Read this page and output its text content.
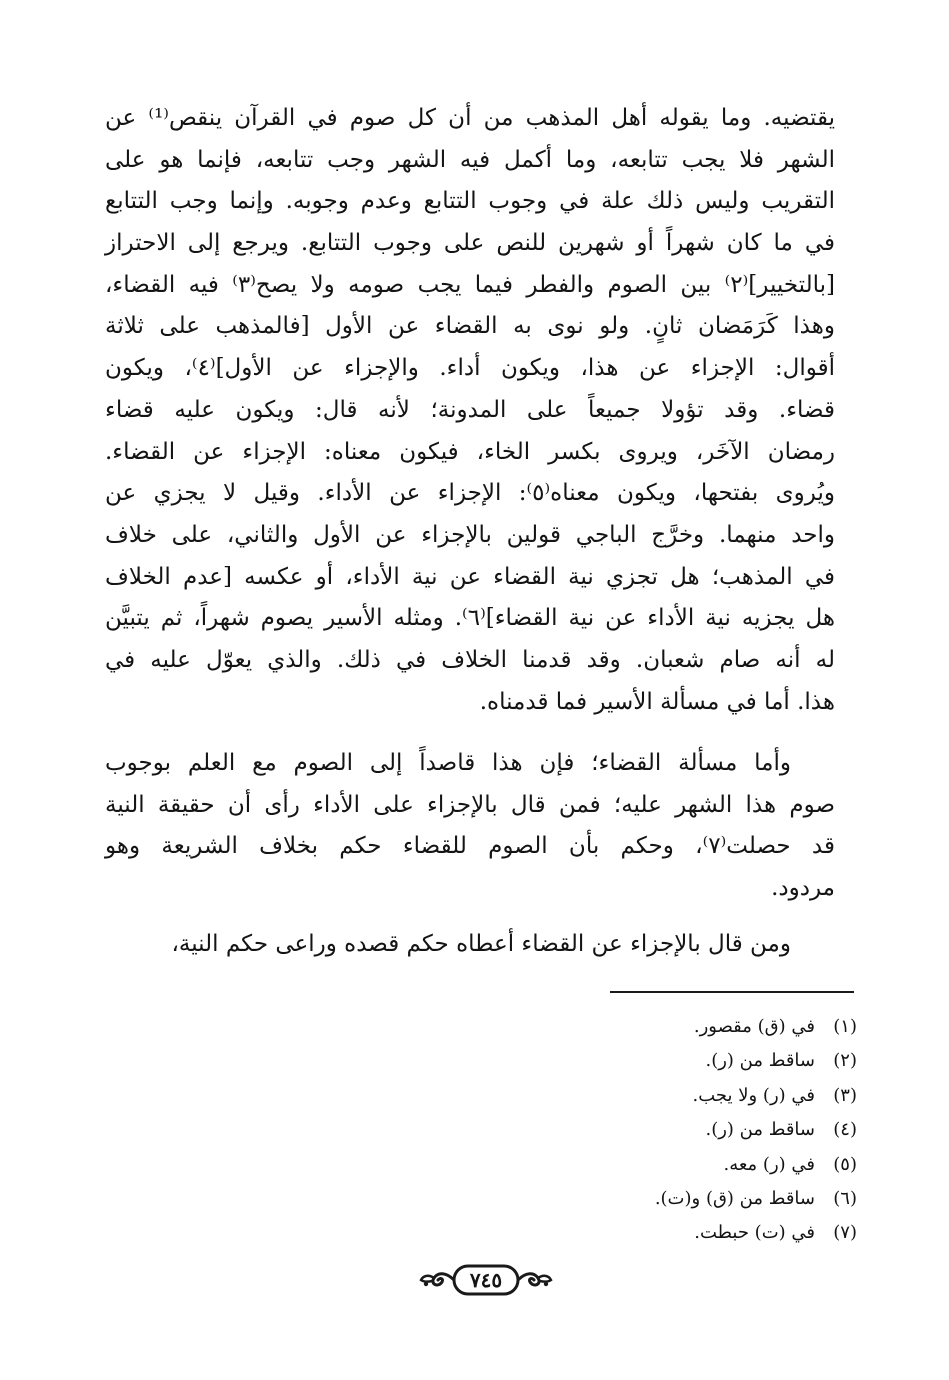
يقتضيه. وما يقوله أهل المذهب من أن كل صوم في القرآن ينقص⁽¹⁾ عن
الشهر فلا يجب تتابعه، وما أكمل فيه الشهر وجب تتابعه، فإنما هو على
التقريب وليس ذلك علة في وجوب التتابع وعدم وجوبه. وإنما وجب التتابع
في ما كان شهراً أو شهرين للنص على وجوب التتابع. ويرجع إلى الاحتراز
[بالتخيير]⁽٢⁾ بين الصوم والفطر فيما يجب صومه ولا يصح⁽٣⁾ فيه القضاء،
وهذا كَرَمَضان ثانٍ. ولو نوى به القضاء عن الأول [فالمذهب على ثلاثة
أقوال: الإجزاء عن هذا، ويكون أداء. والإجزاء عن الأول]⁽٤⁾، ويكون
قضاء. وقد تؤولا جميعاً على المدونة؛ لأنه قال: ويكون عليه قضاء
رمضان الآخَر، ويروى بكسر الخاء، فيكون معناه: الإجزاء عن القضاء.
ويُروى بفتحها، ويكون معناه⁽٥⁾: الإجزاء عن الأداء. وقيل لا يجزي عن
واحد منهما. وخرَّج الباجي قولين بالإجزاء عن الأول والثاني، على خلاف
في المذهب؛ هل تجزي نية القضاء عن نية الأداء، أو عكسه [عدم الخلاف
هل يجزيه نية الأداء عن نية القضاء]⁽٦⁾. ومثله الأسير يصوم شهراً، ثم يتبيَّن
له أنه صام شعبان. وقد قدمنا الخلاف في ذلك. والذي يعوّل عليه في
هذا. أما في مسألة الأسير فما قدمناه.
وأما مسألة القضاء؛ فإن هذا قاصداً إلى الصوم مع العلم بوجوب
صوم هذا الشهر عليه؛ فمن قال بالإجزاء على الأداء رأى أن حقيقة النية
قد حصلت⁽٧⁾، وحكم بأن الصوم للقضاء حكم بخلاف الشريعة وهو
مردود.
ومن قال بالإجزاء عن القضاء أعطاه حكم قصده وراعى حكم النية،
(١)في (ق) مقصور.
(٢)ساقط من (ر).
(٣)في (ر) ولا يجب.
(٤)ساقط من (ر).
(٥)في (ر) معه.
(٦)ساقط من (ق) و(ت).
(٧)في (ت) حبطت.
٧٤٥
